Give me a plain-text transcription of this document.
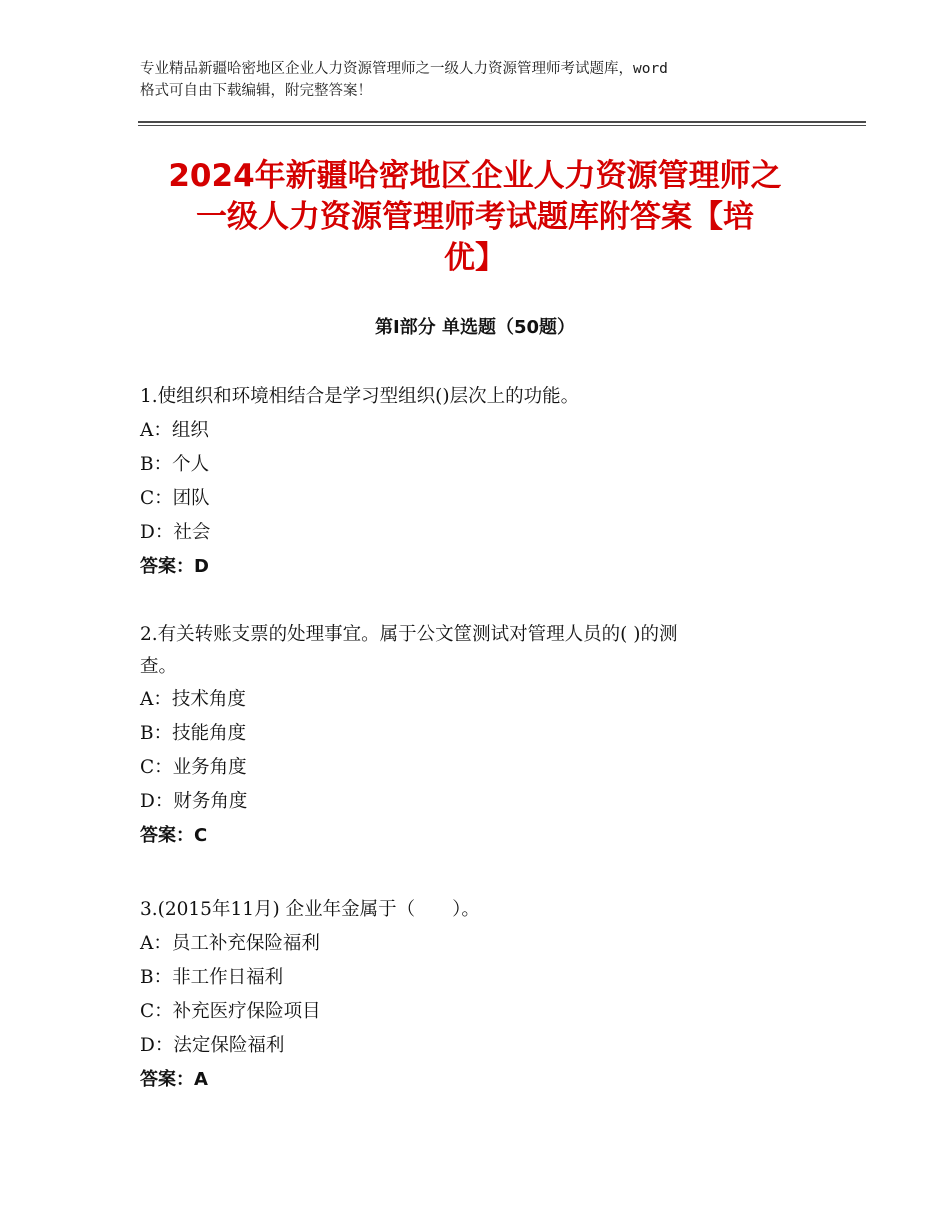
专业精品新疆哈密地区企业人力资源管理师之一级人力资源管理师考试题库，word
格式可自由下载编辑，附完整答案！
2024年新疆哈密地区企业人力资源管理师之
一级人力资源管理师考试题库附答案【培
优】
第Ⅰ部分 单选题（50题）
1.使组织和环境相结合是学习型组织()层次上的功能。
A：组织
B：个人
C：团队
D：社会
答案：D
2.有关转账支票的处理事宜。属于公文筐测试对管理人员的( )的测
查。
A：技术角度
B：技能角度
C：业务角度
D：财务角度
答案：C
3.(2015年11月) 企业年金属于（　　）。
A：员工补充保险福利
B：非工作日福利
C：补充医疗保险项目
D：法定保险福利
答案：A
